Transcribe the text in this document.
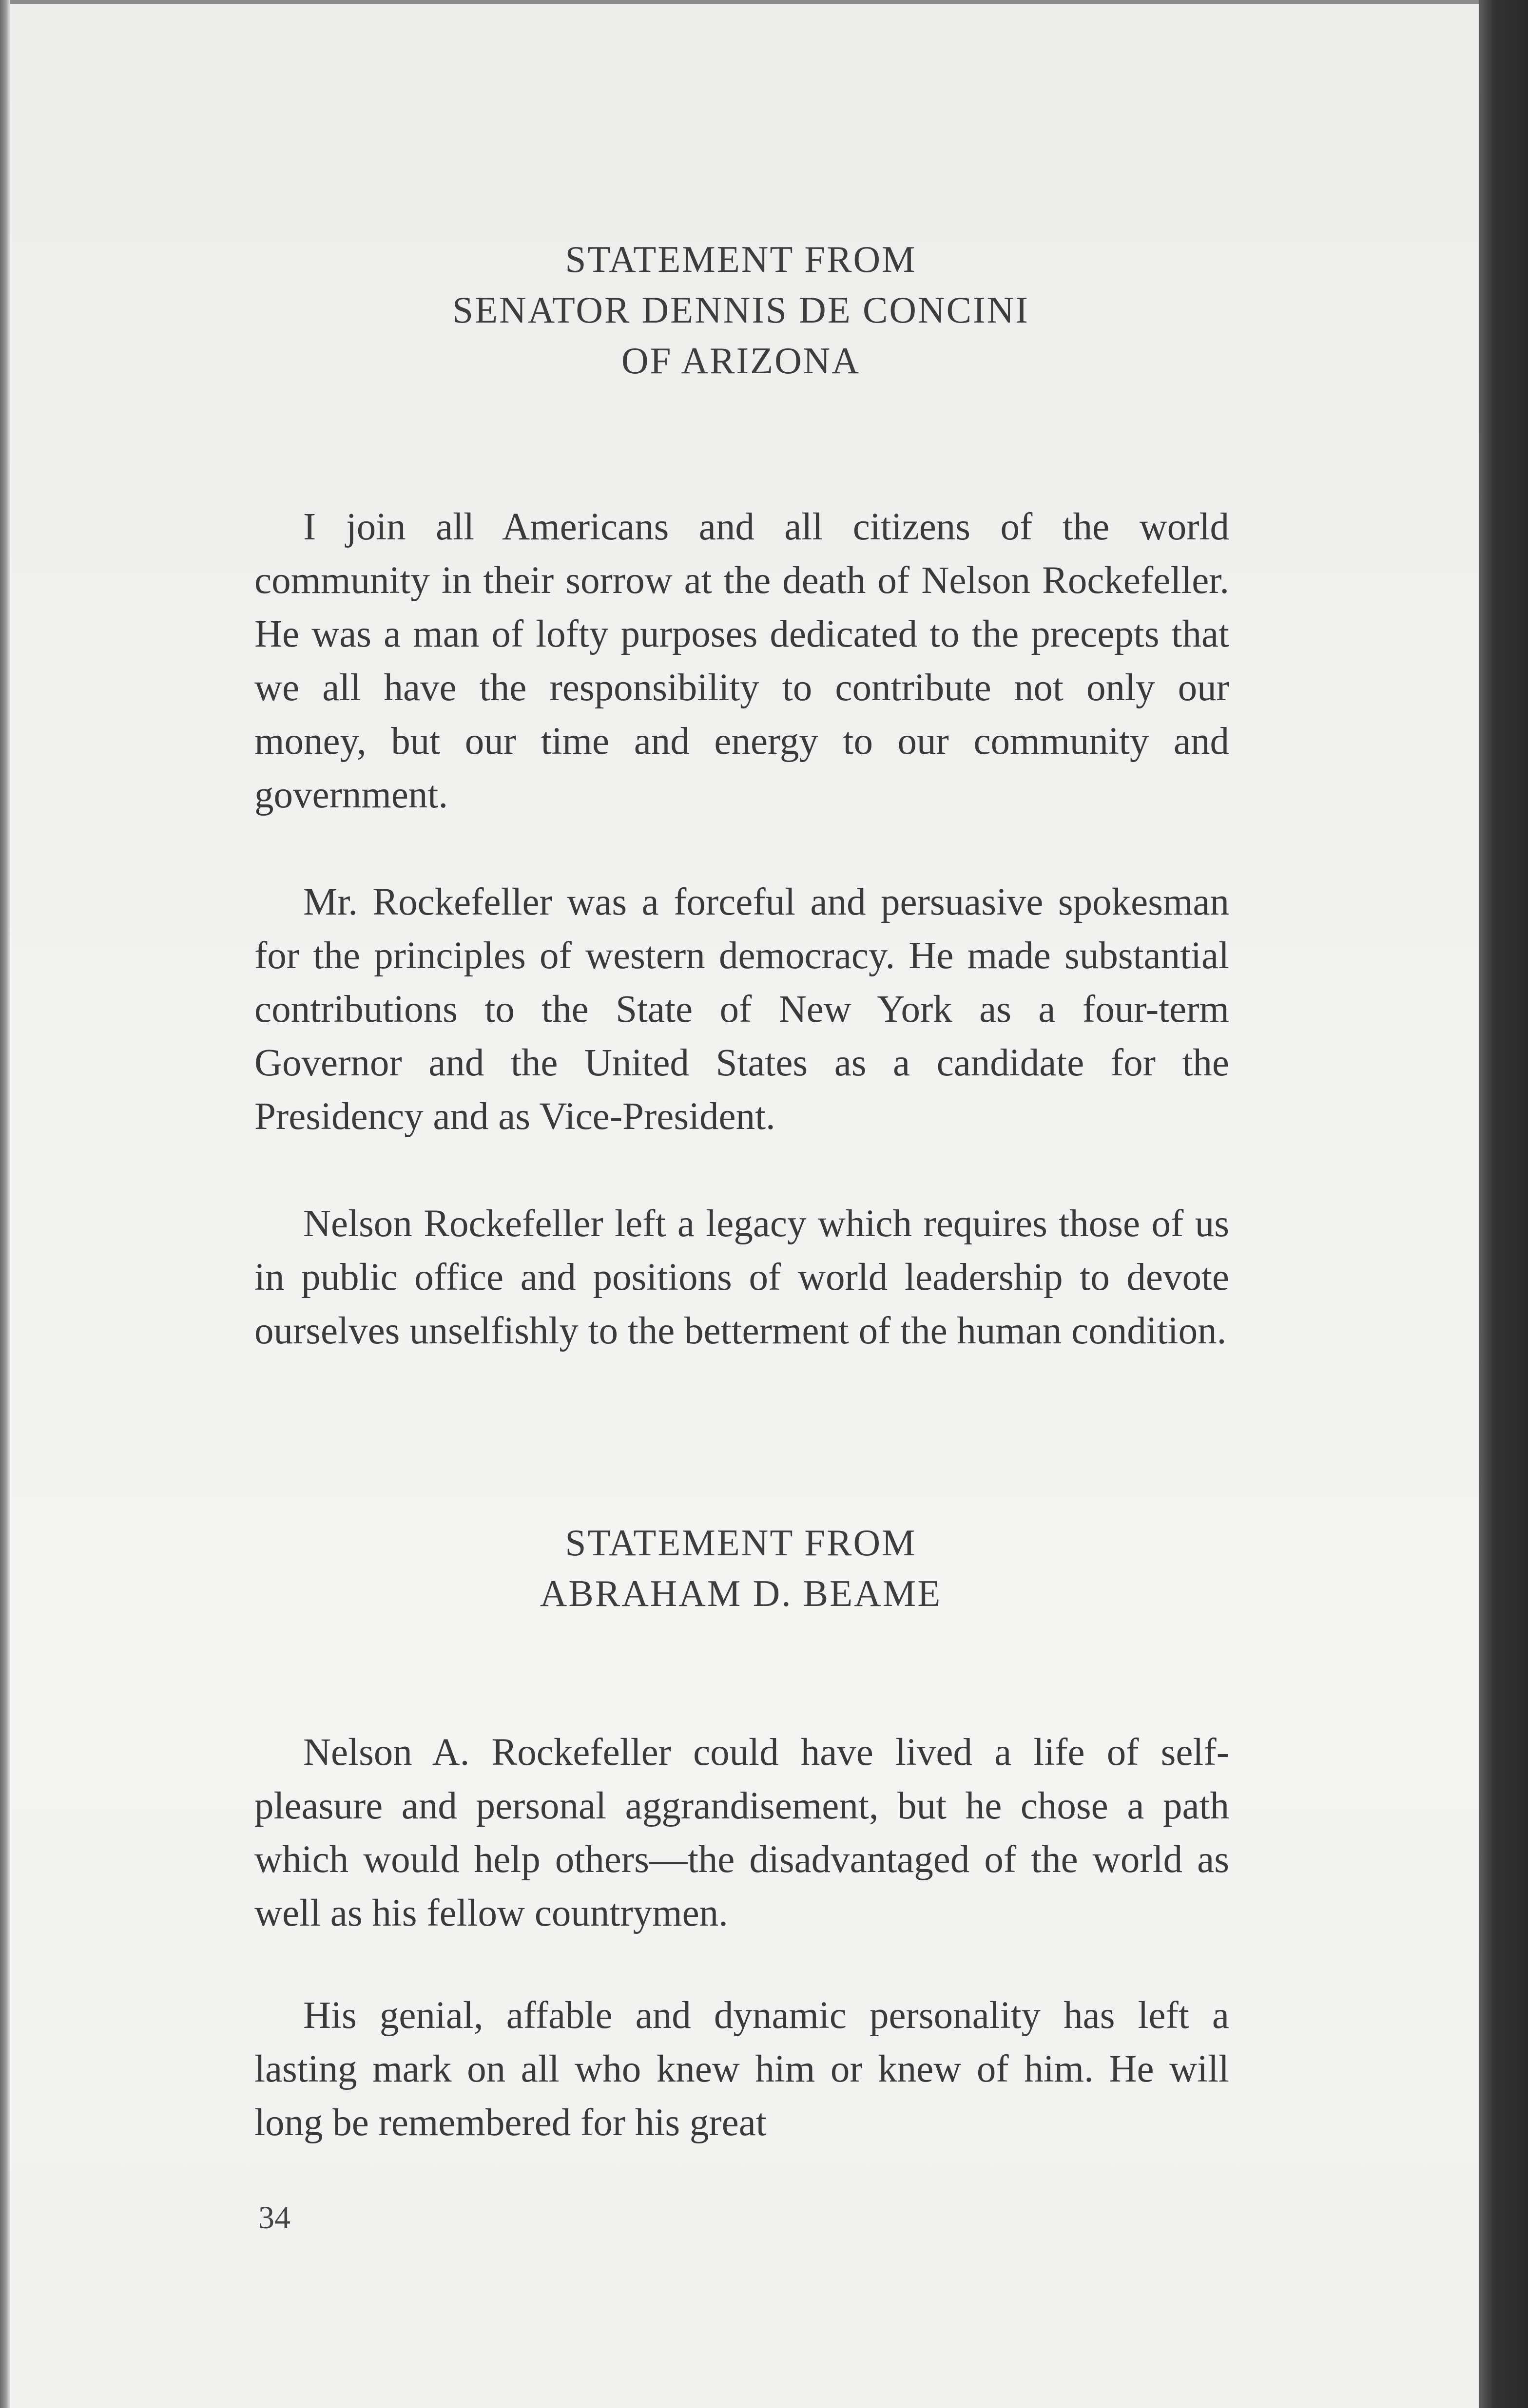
STATEMENT FROM
SENATOR DENNIS DE CONCINI
OF ARIZONA

I join all Americans and all citizens of the world community in their sorrow at the death of Nelson Rockefeller. He was a man of lofty purposes dedicated to the precepts that we all have the responsibility to contribute not only our money, but our time and energy to our community and government.

Mr. Rockefeller was a forceful and persuasive spokesman for the principles of western democracy. He made substantial contributions to the State of New York as a four-term Governor and the United States as a candidate for the Presidency and as Vice-President.

Nelson Rockefeller left a legacy which requires those of us in public office and positions of world leadership to devote ourselves unselfishly to the betterment of the human condition.

STATEMENT FROM
ABRAHAM D. BEAME

Nelson A. Rockefeller could have lived a life of self-pleasure and personal aggrandisement, but he chose a path which would help others—the disadvantaged of the world as well as his fellow countrymen.

His genial, affable and dynamic personality has left a lasting mark on all who knew him or knew of him. He will long be remembered for his great

34
